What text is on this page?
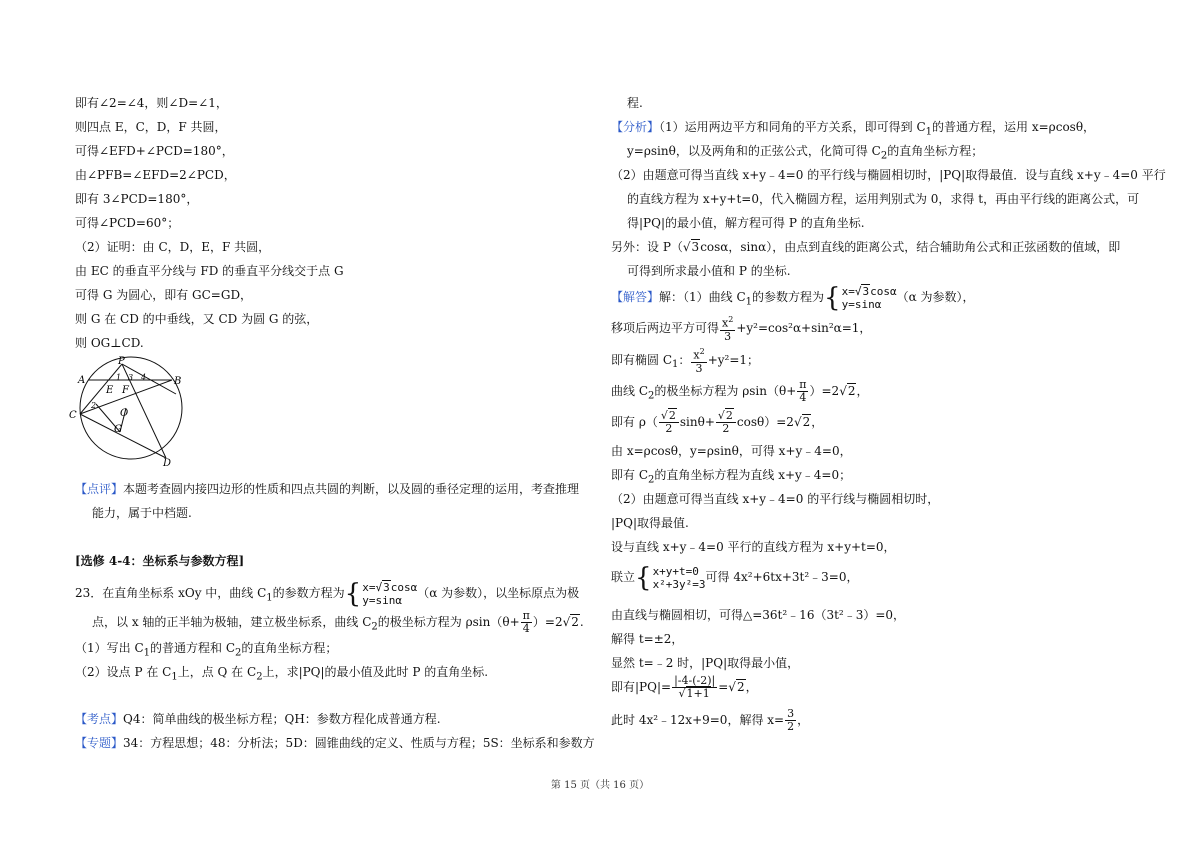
即有∠2=∠4，则∠D=∠1，
则四点 E，C，D，F 共圆，
可得∠EFD+∠PCD=180°，
由∠PFB=∠EFD=2∠PCD，
即有 3∠PCD=180°，
可得∠PCD=60°；
（2）证明：由 C，D，E，F 共圆，
由 EC 的垂直平分线与 FD 的垂直平分线交于点 G
可得 G 为圆心，即有 GC=GD，
则 G 在 CD 的中垂线，又 CD 为圆 G 的弦，
则 OG⊥CD.
P
A	B
C
D
E F
O
G
1
2
3 4
【点评】本题考查圆内接四边形的性质和四点共圆的判断，以及圆的垂径定理的运用，考查推理
能力，属于中档题.
[选修 4-4：坐标系与参数方程]
23．在直角坐标系 xOy 中，曲线 $C_1$的参数方程为 { x=√3cosα
y=sinα	（α 为参数），以坐标原点为极
点，以 x 轴的正半轴为极轴，建立极坐标系，曲线 $C_2$的极坐标方程为 $\rho\sin(\theta+ \frac{\pi}{4} )=2√2$.
（1）写出 $C_1$的普通方程和 $C_2$的直角坐标方程；
（2）设点 P 在 $C_1$上，点 Q 在 $C_2$上，求|PQ|的最小值及此时 P 的直角坐标.
【考点】Q4：简单曲线的极坐标方程；QH：参数方程化成普通方程.
【专题】34：方程思想；48：分析法；5D：圆锥曲线的定义、性质与方程；5S：坐标系和参数方
程.
【分析】（1）运用两边平方和同角的平方关系，即可得到 $C_1$的普通方程，运用 x=ρcosθ，
y=ρsinθ，以及两角和的正弦公式，化简可得 $C_2$的直角坐标方程；
（2）由题意可得当直线 x+y﹣4=0 的平行线与椭圆相切时，|PQ|取得最值．设与直线 x+y﹣4=0 平行
的直线方程为 x+y+t=0，代入椭圆方程，运用判别式为 0，求得 t，再由平行线的距离公式，可
得|PQ|的最小值，解方程可得 P 的直角坐标.
另外：设 P（√3cosα，sinα），由点到直线的距离公式，结合辅助角公式和正弦函数的值域，即
可得到所求最小值和 P 的坐标.
【解答】解：（1）曲线 $C_1$的参数方程为 { x=√3cosα
y=sinα	（α 为参数），
移项后两边平方可得 $\frac{x^2}{3} +y^2=\cos^2\alpha+\sin^2\alpha=1$，
即有椭圆 $C_1$： $\frac{x^2}{3} +y^2=1$；
曲线 $C_2$的极坐标方程为 $\rho\sin(\theta+ \frac{\pi}{4} )=2√2$，
即有 $\rho( \frac{√2}{2} \sin\theta+ \frac{√2}{2} \cos\theta)=2√2$，
由 x=ρcosθ，y=ρsinθ，可得 x+y﹣4=0，
即有 $C_2$的直角坐标方程为直线 x+y﹣4=0；
（2）由题意可得当直线 x+y﹣4=0 的平行线与椭圆相切时，
|PQ|取得最值.
设与直线 x+y﹣4=0 平行的直线方程为 x+y+t=0，
联立 { x+y+t=0
x²+3y²=3 可得 4x²+6tx+3t²﹣3=0，
由直线与椭圆相切，可得△=36t²﹣16（3t²﹣3）=0，
解得 t=±2，
显然 t=﹣2 时，|PQ|取得最小值，
即有$|PQ|= \frac{|-4-(-2)|}{√1+1} =√2$，
此时 4x²﹣12x+9=0，解得 $x= \frac{3}{2}$ ，
第 15 页（共 16 页）
